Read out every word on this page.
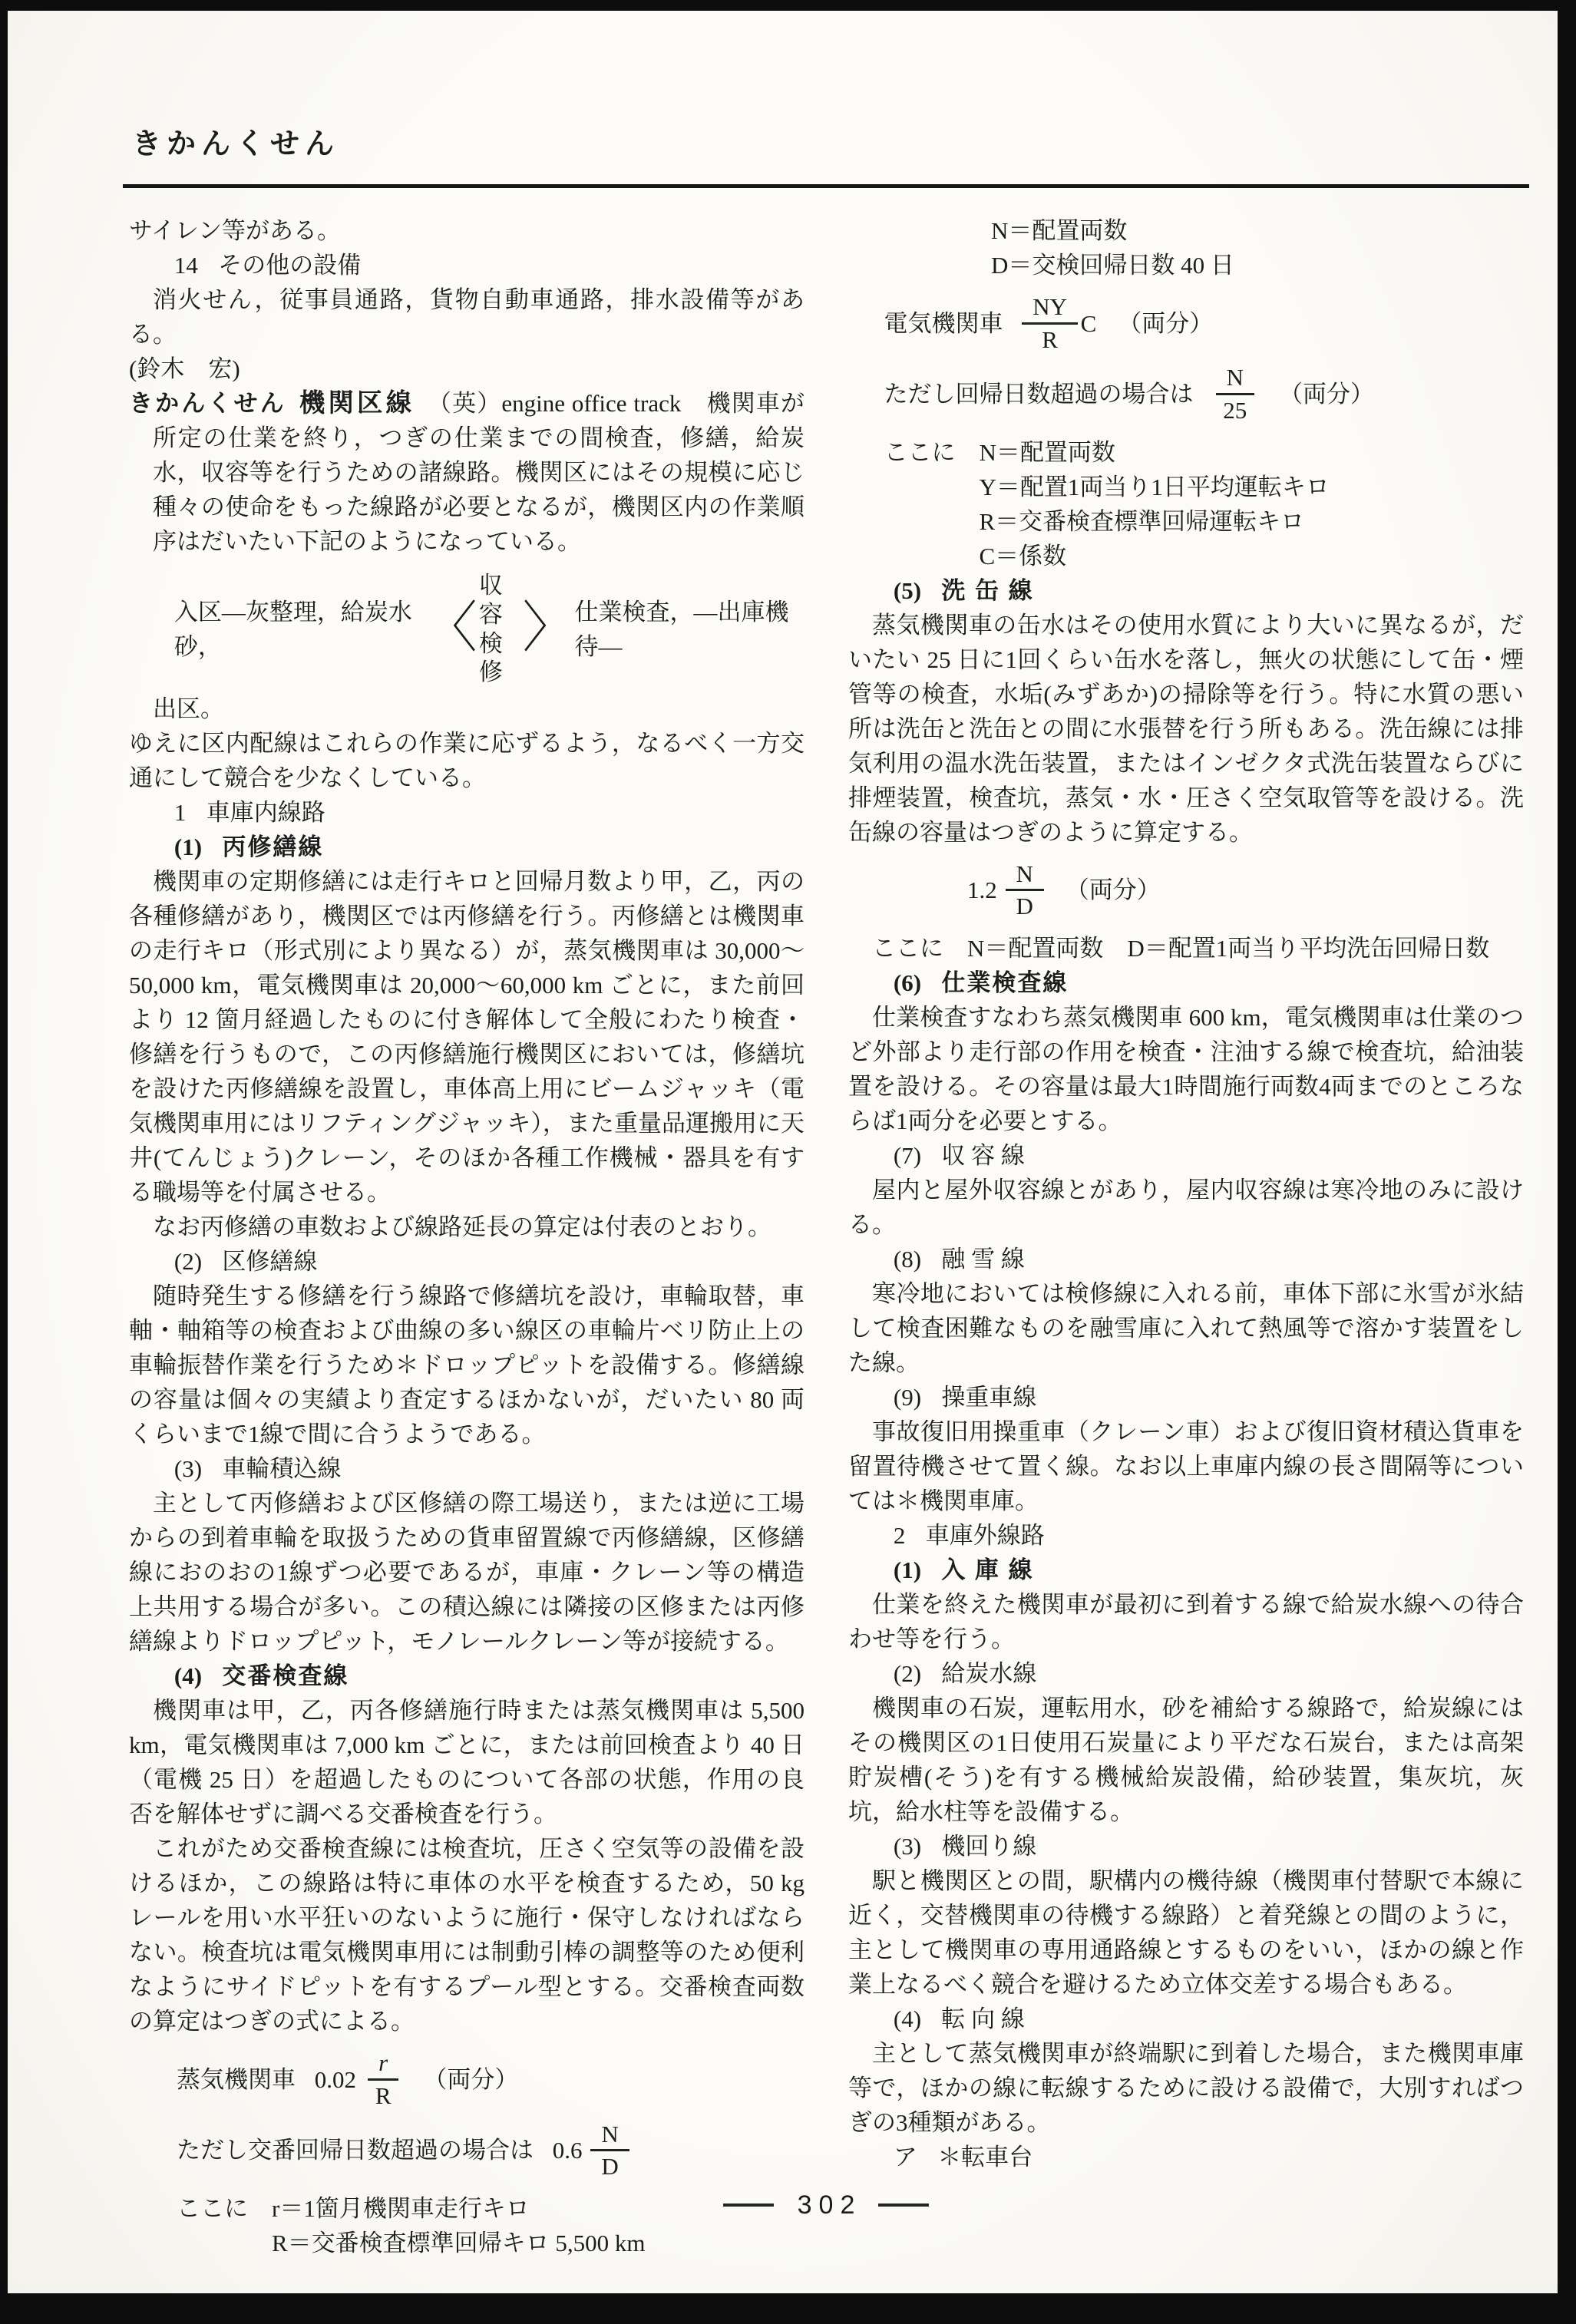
きかんくせん
サイレン等がある。
14 その他の設備
消火せん，従事員通路，貨物自動車通路，排水設備等がある。
(鈴木　宏)
きかんくせん 機関区線 （英）engine office track　機関車が所定の仕業を終り，つぎの仕業までの間検査，修繕，給炭水，収容等を行うための諸線路。機関区にはその規模に応じ種々の使命をもった線路が必要となるが，機関区内の作業順序はだいたい下記のようになっている。
入区―灰整理，給炭水砂，	〈
収容
検修
〉 仕業検査，―出庫機待―
出区。
ゆえに区内配線はこれらの作業に応ずるよう，なるべく一方交通にして競合を少なくしている。
1 車庫内線路
(1) 丙修繕線
機関車の定期修繕には走行キロと回帰月数より甲，乙，丙の各種修繕があり，機関区では丙修繕を行う。丙修繕とは機関車の走行キロ（形式別により異なる）が，蒸気機関車は 30,000～50,000 km，電気機関車は 20,000～60,000 km ごとに，また前回より 12 箇月経過したものに付き解体して全般にわたり検査・修繕を行うもので，この丙修繕施行機関区においては，修繕坑を設けた丙修繕線を設置し，車体高上用にビームジャッキ（電気機関車用にはリフティングジャッキ），また重量品運搬用に天井(てんじょう)クレーン，そのほか各種工作機械・器具を有する職場等を付属させる。
なお丙修繕の車数および線路延長の算定は付表のとおり。
(2) 区修繕線
随時発生する修繕を行う線路で修繕坑を設け，車輪取替，車軸・軸箱等の検査および曲線の多い線区の車輪片ベリ防止上の車輪振替作業を行うため＊ドロップピットを設備する。修繕線の容量は個々の実績より査定するほかないが，だいたい 80 両くらいまで1線で間に合うようである。
(3) 車輪積込線
主として丙修繕および区修繕の際工場送り，または逆に工場からの到着車輪を取扱うための貨車留置線で丙修繕線，区修繕線におのおの1線ずつ必要であるが，車庫・クレーン等の構造上共用する場合が多い。この積込線には隣接の区修または丙修繕線よりドロップピット，モノレールクレーン等が接続する。
(4) 交番検査線
機関車は甲，乙，丙各修繕施行時または蒸気機関車は 5,500 km，電気機関車は 7,000 km ごとに，または前回検査より 40 日（電機 25 日）を超過したものについて各部の状態，作用の良否を解体せずに調べる交番検査を行う。
これがため交番検査線には検査坑，圧さく空気等の設備を設けるほか，この線路は特に車体の水平を検査するため，50 kg レールを用い水平狂いのないように施行・保守しなければならない。検査坑は電気機関車用には制動引棒の調整等のため便利なようにサイドピットを有するプール型とする。交番検査両数の算定はつぎの式による。
蒸気機関車 $0.02 \frac{r}{R}$ （両分）
ただし交番回帰日数超過の場合は $0.6 \frac{N}{D}$
ここに　r＝1箇月機関車走行キロ
R＝交番検査標準回帰キロ 5,500 km
N＝配置両数
D＝交検回帰日数 40 日
電気機関車 $\frac{NY}{R}$ C （両分）
ただし回帰日数超過の場合は $\frac{N}{25}$ （両分）
ここに　N＝配置両数
Y＝配置1両当り1日平均運転キロ
R＝交番検査標準回帰運転キロ
C＝係数
(5) 洗 缶 線
蒸気機関車の缶水はその使用水質により大いに異なるが，だいたい 25 日に1回くらい缶水を落し，無火の状態にして缶・煙管等の検査，水垢(みずあか)の掃除等を行う。特に水質の悪い所は洗缶と洗缶との間に水張替を行う所もある。洗缶線には排気利用の温水洗缶装置，またはインゼクタ式洗缶装置ならびに排煙装置，検査坑，蒸気・水・圧さく空気取管等を設ける。洗缶線の容量はつぎのように算定する。
$1.2 \frac{N}{D}$ （両分）
ここに　N＝配置両数　D＝配置1両当り平均洗缶回帰日数
(6) 仕業検査線
仕業検査すなわち蒸気機関車 600 km，電気機関車は仕業のつど外部より走行部の作用を検査・注油する線で検査坑，給油装置を設ける。その容量は最大1時間施行両数4両までのところならば1両分を必要とする。
(7) 収 容 線
屋内と屋外収容線とがあり，屋内収容線は寒冷地のみに設ける。
(8) 融 雪 線
寒冷地においては検修線に入れる前，車体下部に氷雪が氷結して検査困難なものを融雪庫に入れて熱風等で溶かす装置をした線。
(9) 操重車線
事故復旧用操重車（クレーン車）および復旧資材積込貨車を留置待機させて置く線。なお以上車庫内線の長さ間隔等については＊機関車庫。
2 車庫外線路
(1) 入 庫 線
仕業を終えた機関車が最初に到着する線で給炭水線への待合わせ等を行う。
(2) 給炭水線
機関車の石炭，運転用水，砂を補給する線路で，給炭線にはその機関区の1日使用石炭量により平だな石炭台，または高架貯炭槽(そう)を有する機械給炭設備，給砂装置，集灰坑，灰坑，給水柱等を設備する。
(3) 機回り線
駅と機関区との間，駅構内の機待線（機関車付替駅で本線に近く，交替機関車の待機する線路）と着発線との間のように，主として機関車の専用通路線とするものをいい，ほかの線と作業上なるべく競合を避けるため立体交差する場合もある。
(4) 転 向 線
主として蒸気機関車が終端駅に到着した場合，また機関車庫等で，ほかの線に転線するために設ける設備で，大別すればつぎの3種類がある。
ア ＊転車台
302
